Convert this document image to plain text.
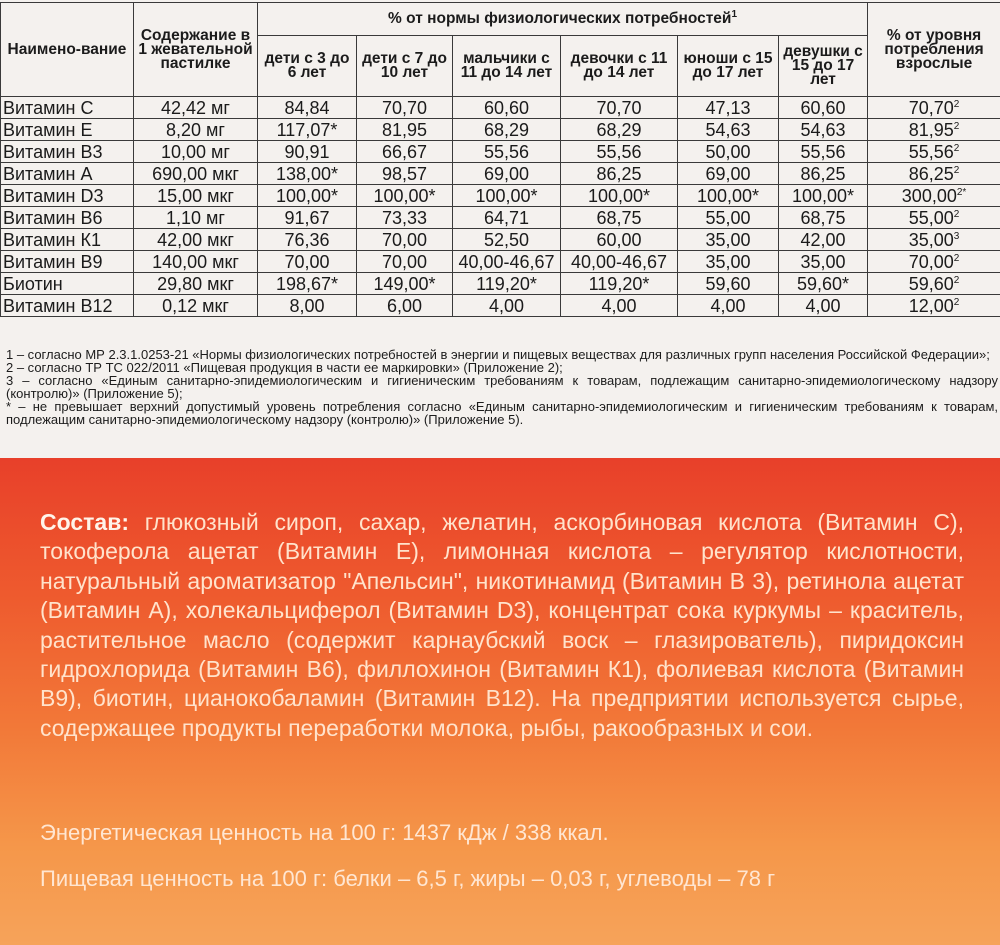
Наимено-вание	Содержание в 1 жевательной пастилке	% от нормы физиологических потребностей$^1$						% от уровня потребления взрослые
		дети с 3 до 6 лет	дети с 7 до 10 лет	мальчики с 11 до 14 лет	девочки с 11 до 14 лет	юноши с 15 до 17 лет	девушки с 15 до 17 лет	
Витамин С	42,42 мг	84,84	70,70	60,60	70,70	47,13	60,60	70,70$^2$
Витамин Е	8,20 мг	117,07*	81,95	68,29	68,29	54,63	54,63	81,95$^2$
Витамин В3	10,00 мг	90,91	66,67	55,56	55,56	50,00	55,56	55,56$^2$
Витамин А	690,00 мкг	138,00*	98,57	69,00	86,25	69,00	86,25	86,25$^2$
Витамин D3	15,00 мкг	100,00*	100,00*	100,00*	100,00*	100,00*	100,00*	$300,00^{2*}$
Витамин В6	1,10 мг	91,67	73,33	64,71	68,75	55,00	68,75	55,00$^2$
Витамин К1	42,00 мкг	76,36	70,00	52,50	60,00	35,00	42,00	35,00$^3$
Витамин В9	140,00 мкг	70,00	70,00	40,00-46,67	40,00-46,67	35,00	35,00	70,00$^2$
Биотин	29,80 мкг	198,67*	149,00*	119,20*	119,20*	59,60	59,60*	59,60$^2$
Витамин В12	0,12 мкг	8,00	6,00	4,00	4,00	4,00	4,00	12,00$^2$

1 – согласно МР 2.3.1.0253-21 «Нормы физиологических потребностей в энергии и пищевых веществах для различных групп населения Российской Федерации»;

2 – согласно ТР ТС 022/2011 «Пищевая продукция в части ее маркировки» (Приложение 2);

3 – согласно «Единым санитарно-эпидемиологическим и гигиеническим требованиям к товарам, подлежащим санитарно-эпидемиологическому надзору (контролю)» (Приложение 5);

* – не превышает верхний допустимый уровень потребления согласно «Единым санитарно-эпидемиологическим и гигиеническим требованиям к товарам, подлежащим санитарно-эпидемиологическому надзору (контролю)» (Приложение 5).

Состав: глюкозный сироп, сахар, желатин, аскорбиновая кислота (Витамин С), токоферола ацетат (Витамин Е), лимонная кислота – регулятор кислотности, натуральный ароматизатор "Апельсин", никотинамид (Витамин В 3), ретинола ацетат (Витамин А), холекальциферол (Витамин D3), концентрат сока куркумы – краситель, растительное масло (содержит карнаубский воск – глазирователь), пиридоксин гидрохлорида (Витамин В6), филлохинон (Витамин К1), фолиевая кислота (Витамин В9), биотин, цианокобаламин (Витамин В12). На предприятии используется сырье, содержащее продукты переработки молока, рыбы, ракообразных и сои.
Энергетическая ценность на 100 г: 1437 кДж / 338 ккал.
Пищевая ценность на 100 г: белки – 6,5 г, жиры – 0,03 г, углеводы – 78 г
